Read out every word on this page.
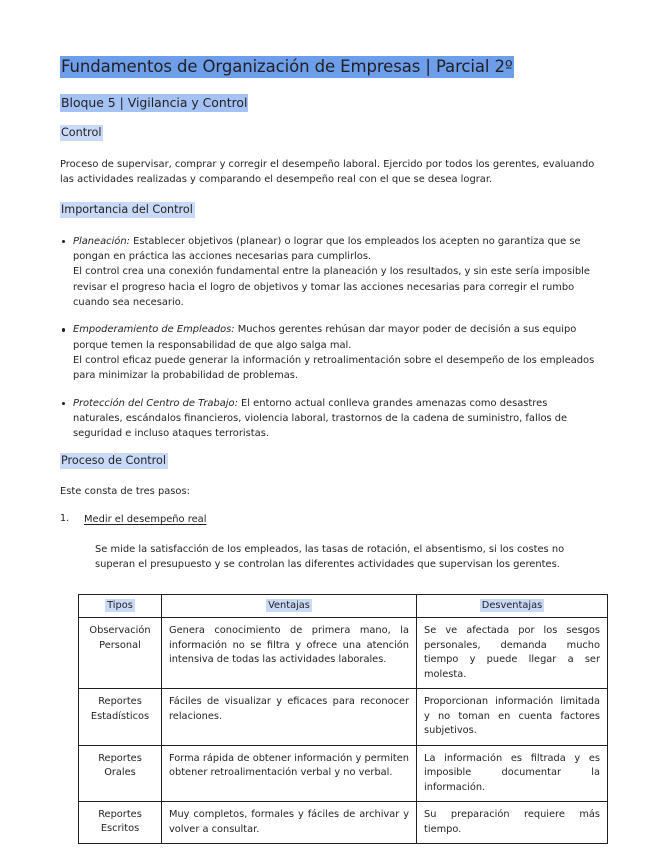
Fundamentos de Organización de Empresas | Parcial 2º
Bloque 5 | Vigilancia y Control
Control

Proceso de supervisar, comprar y corregir el desempeño laboral. Ejercido por todos los gerentes, evaluando las actividades realizadas y comparando el desempeño real con el que se desea lograr.

Importancia del Control
Planeación: Establecer objetivos (planear) o lograr que los empleados los acepten no garantiza que se pongan en práctica las acciones necesarias para cumplirlos.
El control crea una conexión fundamental entre la planeación y los resultados, y sin este sería imposible revisar el progreso hacia el logro de objetivos y tomar las acciones necesarias para corregir el rumbo cuando sea necesario.
Empoderamiento de Empleados: Muchos gerentes rehúsan dar mayor poder de decisión a sus equipo porque temen la responsabilidad de que algo salga mal.
El control eficaz puede generar la información y retroalimentación sobre el desempeño de los empleados para minimizar la probabilidad de problemas.
Protección del Centro de Trabajo: El entorno actual conlleva grandes amenazas como desastres naturales, escándalos financieros, violencia laboral, trastornos de la cadena de suministro, fallos de seguridad e incluso ataques terroristas.
Proceso de Control

Este consta de tres pasos:

1. Medir el desempeño real
Se mide la satisfacción de los empleados, las tasas de rotación, el absentismo, si los costes no superan el presupuesto y se controlan las diferentes actividades que supervisan los gerentes.
Tipos	Ventajas	Desventajas
Observación Personal	Genera conocimiento de primera mano, la información no se filtra y ofrece una atención intensiva de todas las actividades laborales.	Se ve afectada por los sesgos personales, demanda mucho tiempo y puede llegar a ser molesta.
Reportes Estadísticos	Fáciles de visualizar y eficaces para reconocer relaciones.	Proporcionan información limitada y no toman en cuenta factores subjetivos.
Reportes Orales	Forma rápida de obtener información y permiten obtener retroalimentación verbal y no verbal.	La información es filtrada y es imposible documentar la información.
Reportes Escritos	Muy completos, formales y fáciles de archivar y volver a consultar.	Su preparación requiere más tiempo.
